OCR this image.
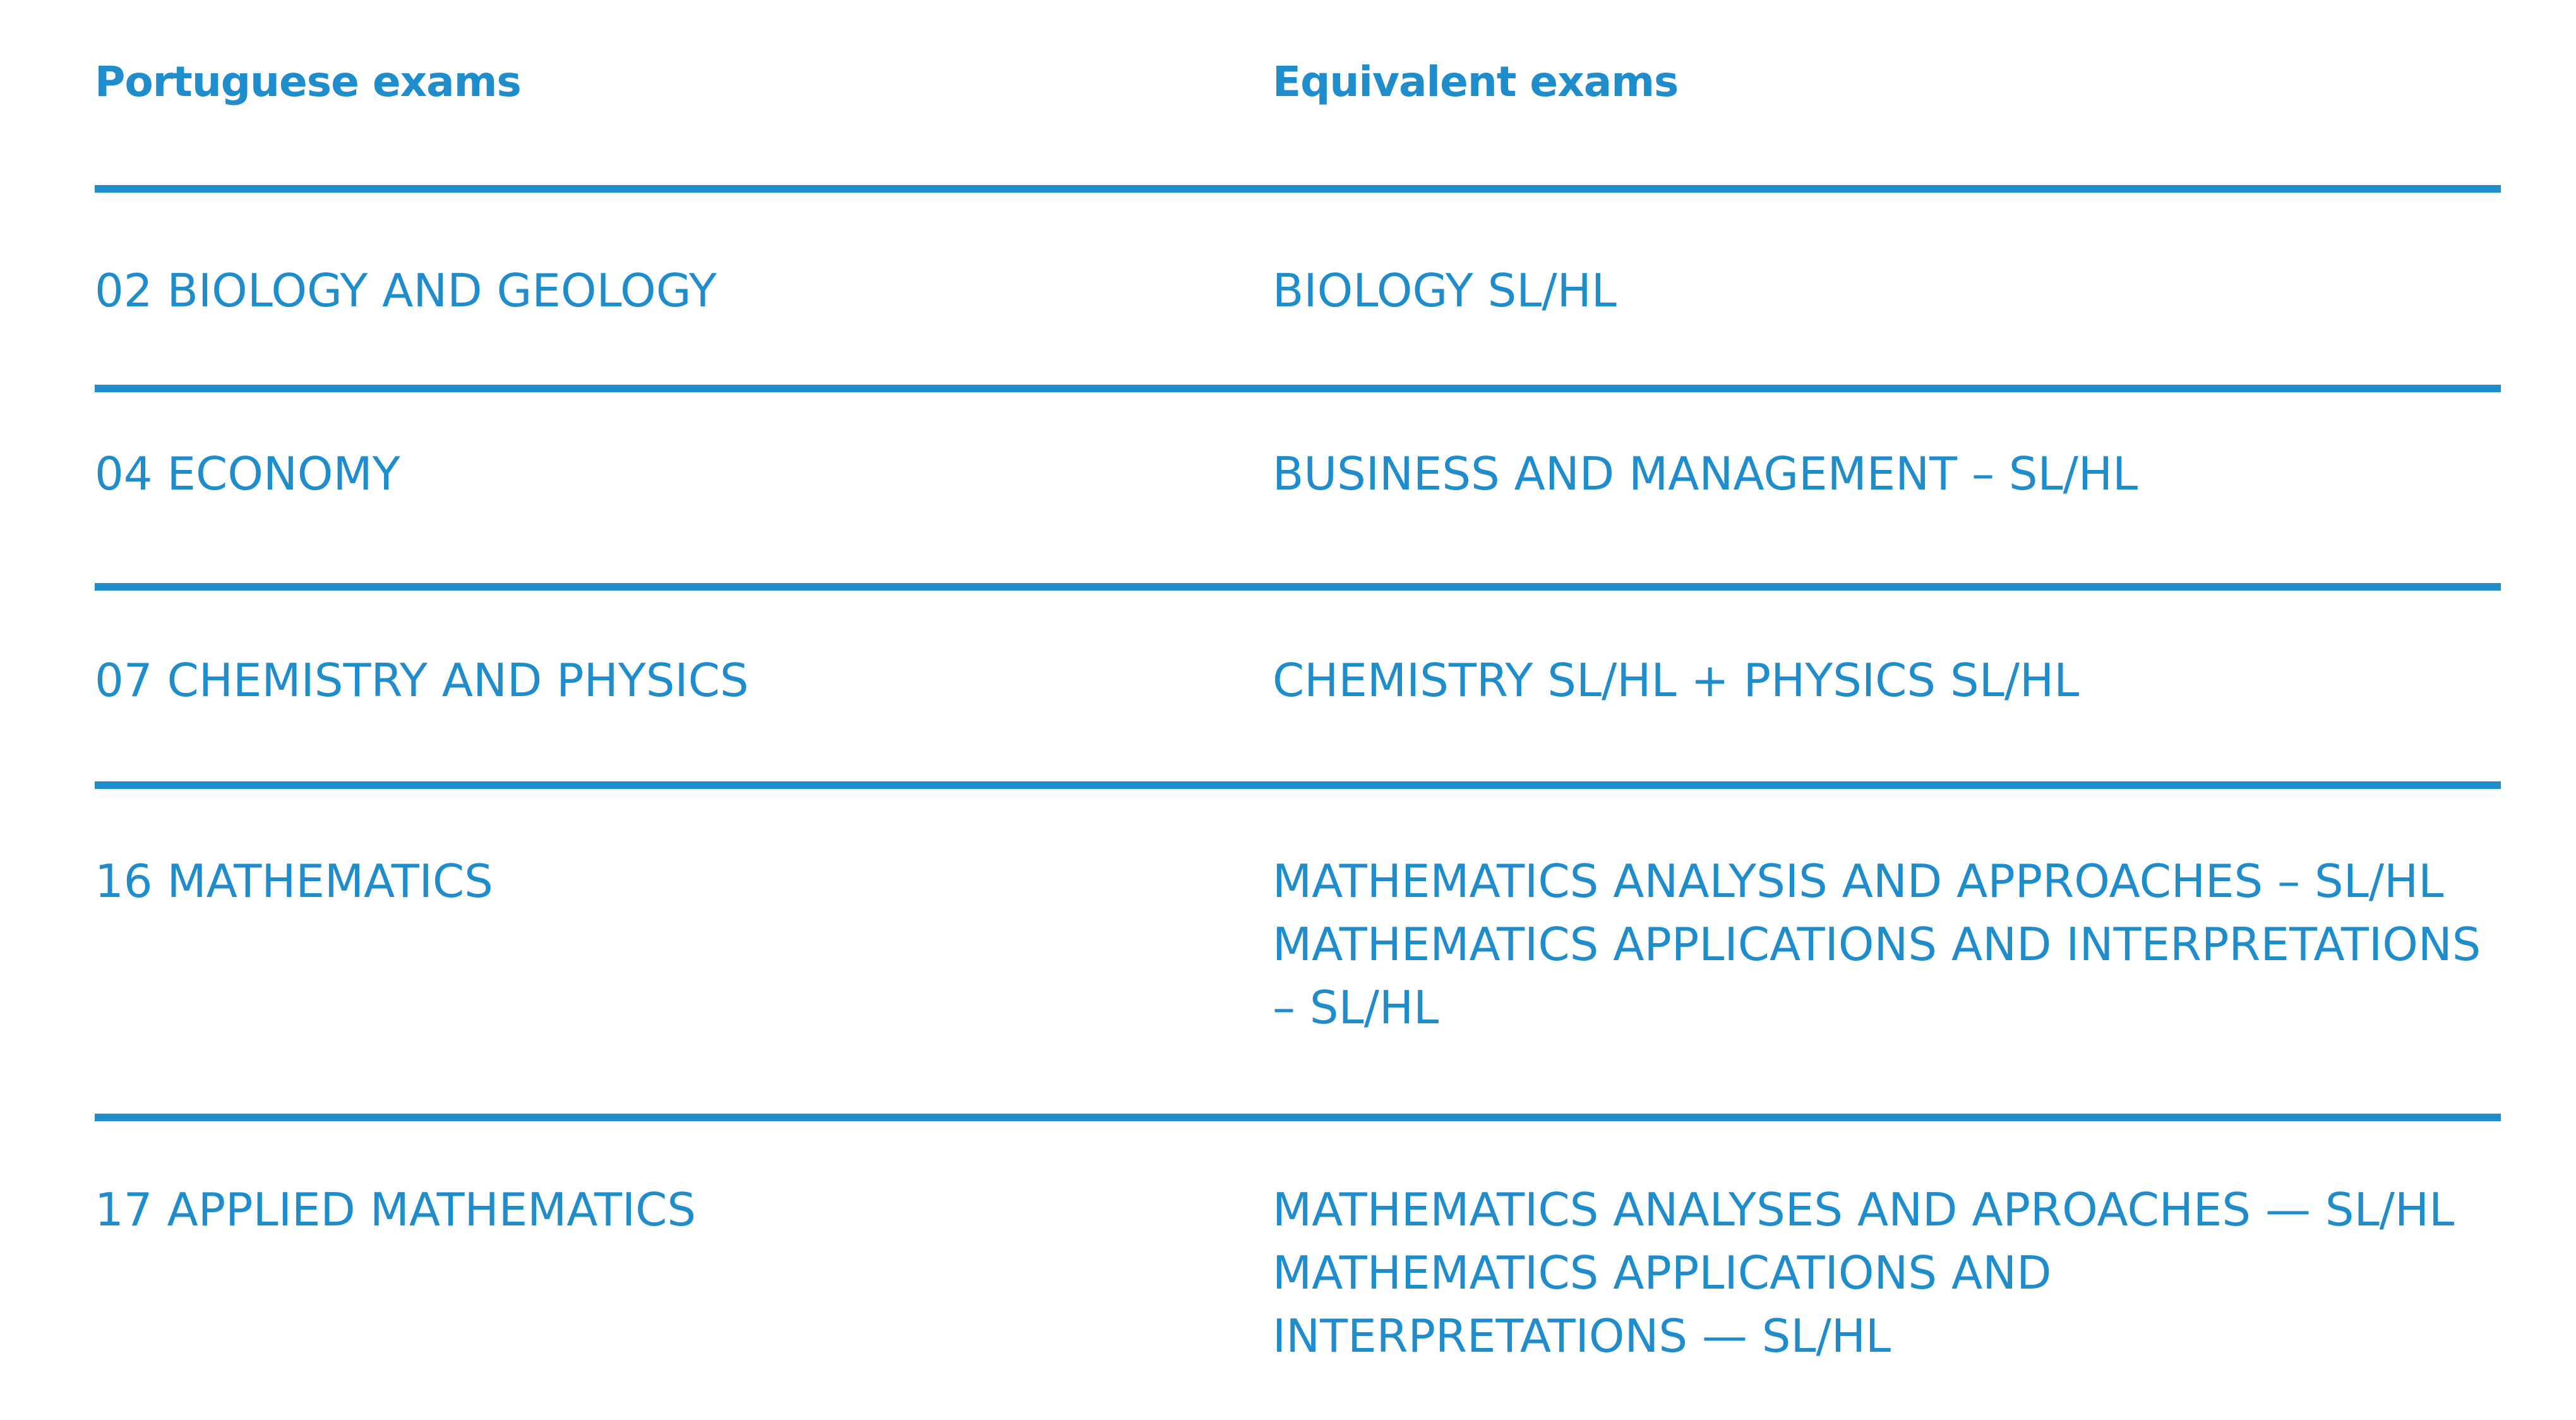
Portuguese exams	Equivalent exams
02 BIOLOGY AND GEOLOGY	BIOLOGY SL/HL
04 ECONOMY	BUSINESS AND MANAGEMENT – SL/HL
07 CHEMISTRY AND PHYSICS	CHEMISTRY SL/HL + PHYSICS SL/HL
16 MATHEMATICS	MATHEMATICS ANALYSIS AND APPROACHES – SL/HL
MATHEMATICS APPLICATIONS AND INTERPRETATIONS
– SL/HL
17 APPLIED MATHEMATICS	MATHEMATICS ANALYSES AND APROACHES — SL/HL
MATHEMATICS APPLICATIONS AND
INTERPRETATIONS — SL/HL
